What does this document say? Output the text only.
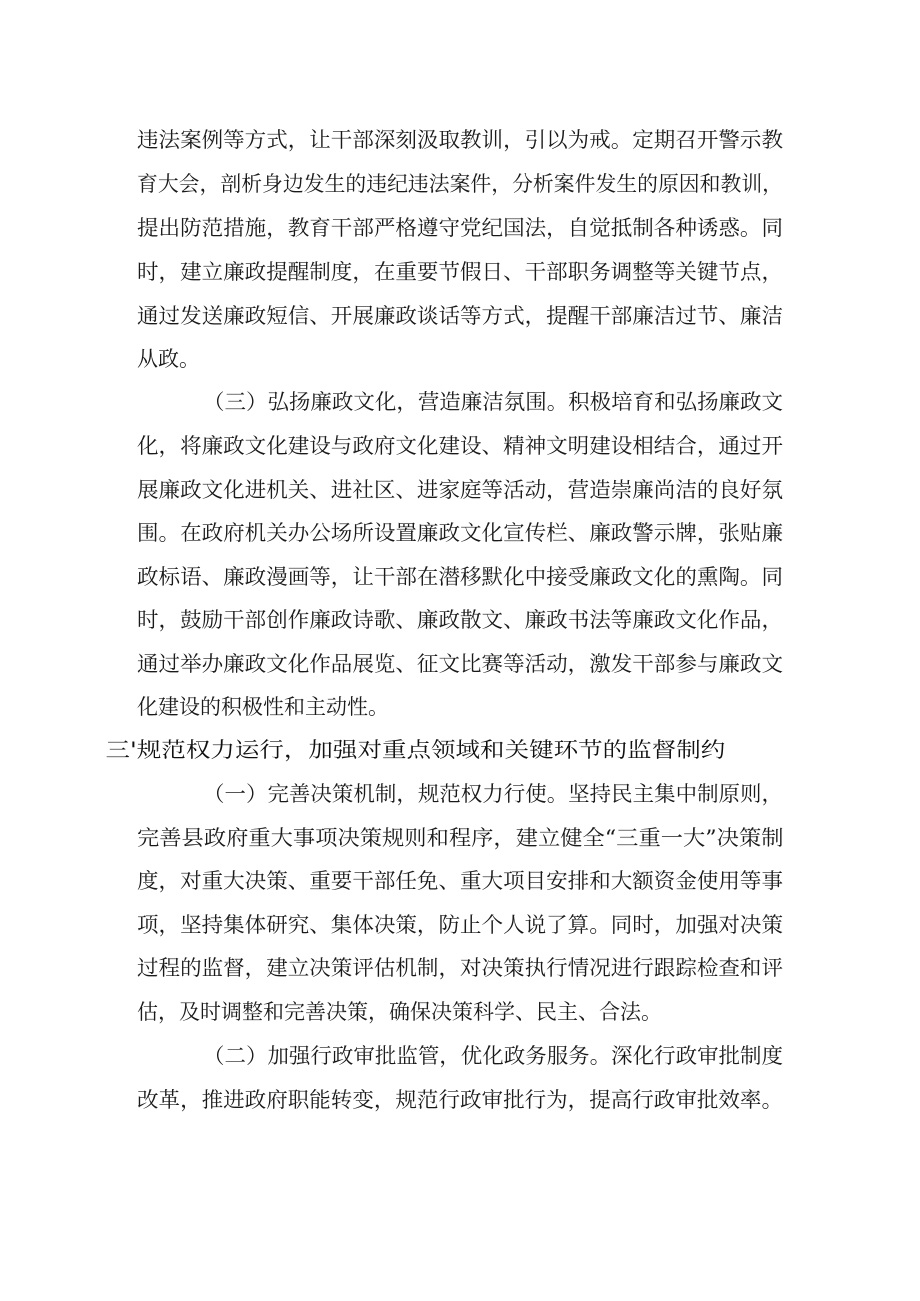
违法案例等方式，让干部深刻汲取教训，引以为戒。定期召开警示教
育大会，剖析身边发生的违纪违法案件，分析案件发生的原因和教训，
提出防范措施，教育干部严格遵守党纪国法，自觉抵制各种诱惑。同
时，建立廉政提醒制度，在重要节假日、干部职务调整等关键节点，
通过发送廉政短信、开展廉政谈话等方式，提醒干部廉洁过节、廉洁
从政。
（三）弘扬廉政文化，营造廉洁氛围。积极培育和弘扬廉政文
化，将廉政文化建设与政府文化建设、精神文明建设相结合，通过开
展廉政文化进机关、进社区、进家庭等活动，营造崇廉尚洁的良好氛
围。在政府机关办公场所设置廉政文化宣传栏、廉政警示牌，张贴廉
政标语、廉政漫画等，让干部在潜移默化中接受廉政文化的熏陶。同
时，鼓励干部创作廉政诗歌、廉政散文、廉政书法等廉政文化作品，
通过举办廉政文化作品展览、征文比赛等活动，激发干部参与廉政文
化建设的积极性和主动性。
三'规范权力运行，加强对重点领域和关键环节的监督制约
（一）完善决策机制，规范权力行使。坚持民主集中制原则，
完善县政府重大事项决策规则和程序，建立健全“三重一大”决策制
度，对重大决策、重要干部任免、重大项目安排和大额资金使用等事
项，坚持集体研究、集体决策，防止个人说了算。同时，加强对决策
过程的监督，建立决策评估机制，对决策执行情况进行跟踪检查和评
估，及时调整和完善决策，确保决策科学、民主、合法。
（二）加强行政审批监管，优化政务服务。深化行政审批制度
改革，推进政府职能转变，规范行政审批行为，提高行政审批效率。
